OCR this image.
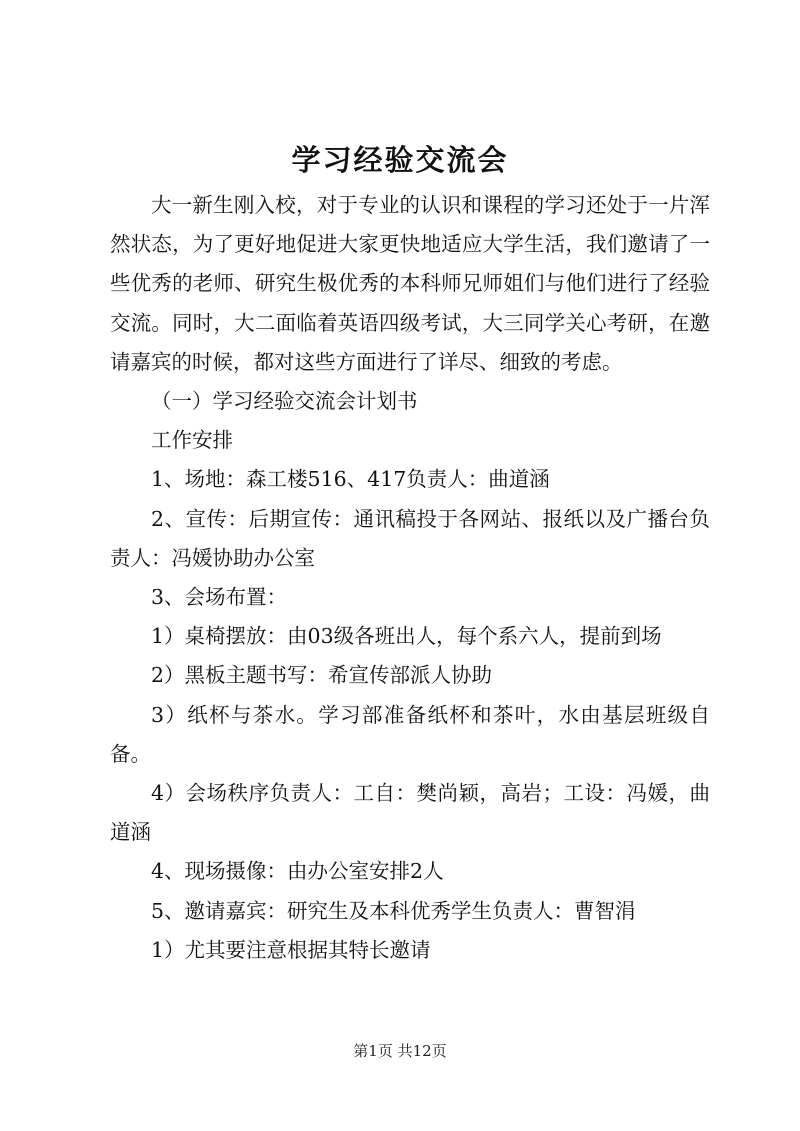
学习经验交流会

大一新生刚入校，对于专业的认识和课程的学习还处于一片浑然状态，为了更好地促进大家更快地适应大学生活，我们邀请了一些优秀的老师、研究生极优秀的本科师兄师姐们与他们进行了经验交流。同时，大二面临着英语四级考试，大三同学关心考研，在邀请嘉宾的时候，都对这些方面进行了详尽、细致的考虑。

（一）学习经验交流会计划书

工作安排

1、场地：森工楼516、417负责人：曲道涵

2、宣传：后期宣传：通讯稿投于各网站、报纸以及广播台负责人：冯媛协助办公室

3、会场布置：

1）桌椅摆放：由03级各班出人，每个系六人，提前到场

2）黑板主题书写：希宣传部派人协助

3）纸杯与茶水。学习部准备纸杯和茶叶，水由基层班级自备。

4）会场秩序负责人：工自：樊尚颖，高岩；工设：冯媛，曲道涵

4、现场摄像：由办公室安排2人

5、邀请嘉宾：研究生及本科优秀学生负责人：曹智涓

1）尤其要注意根据其特长邀请

第1页 共12页
